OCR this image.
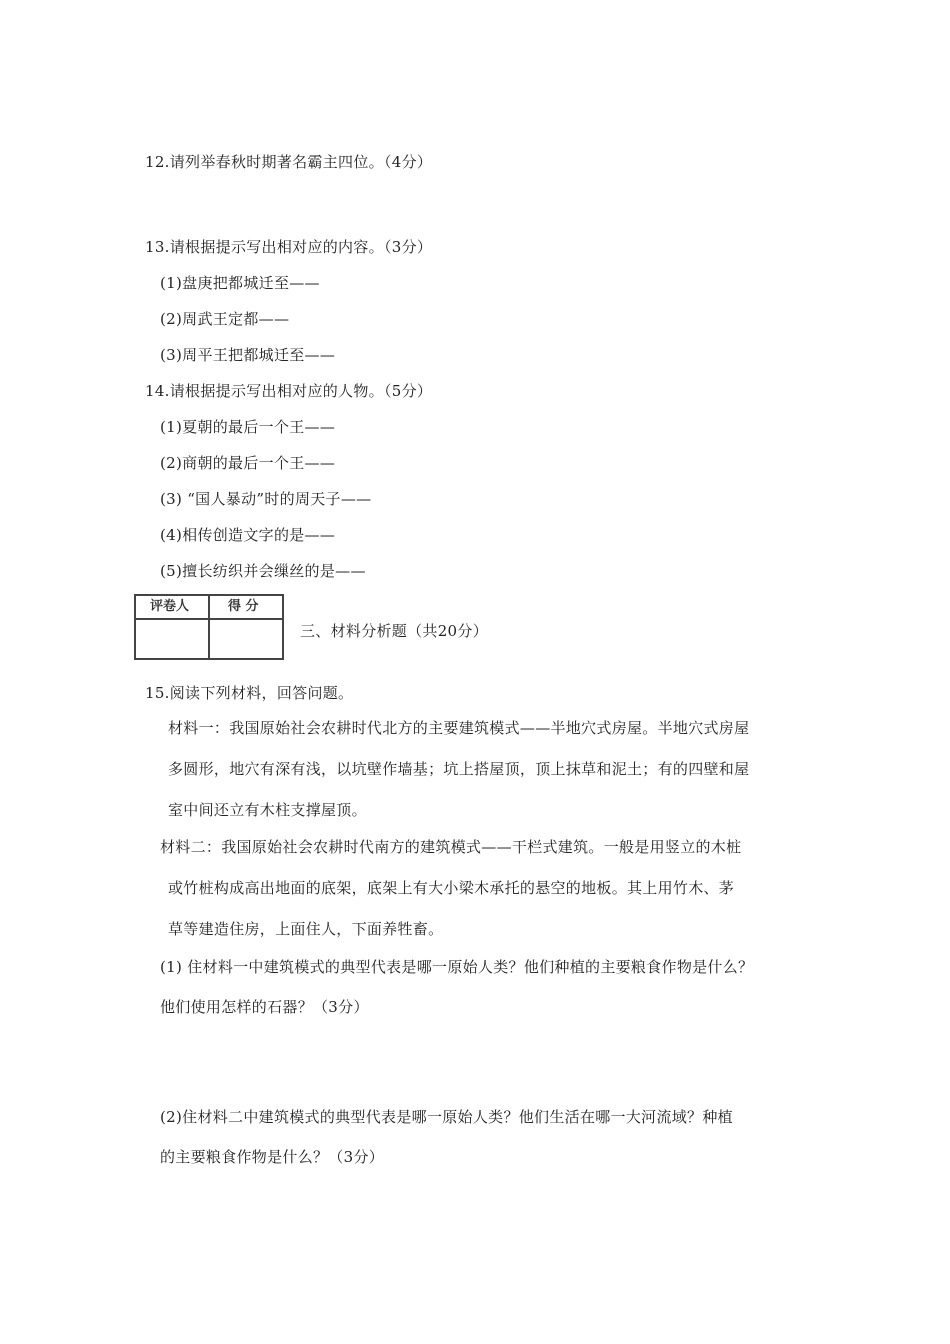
12.请列举春秋时期著名霸主四位。（4分）
13.请根据提示写出相对应的内容。（3分）
(1)盘庚把都城迁至——
(2)周武王定都——
(3)周平王把都城迁至——
14.请根据提示写出相对应的人物。（5分）
(1)夏朝的最后一个王——
(2)商朝的最后一个王——
(3) “国人暴动”时的周天子——
(4)相传创造文字的是——
(5)擅长纺织并会缫丝的是——
评卷人	得 分
三、材料分析题（共20分）
15.阅读下列材料，回答问题。
材料一：我国原始社会农耕时代北方的主要建筑模式——半地穴式房屋。半地穴式房屋
多圆形，地穴有深有浅，以坑壁作墙基；坑上搭屋顶，顶上抹草和泥土；有的四壁和屋
室中间还立有木柱支撑屋顶。
材料二：我国原始社会农耕时代南方的建筑模式——干栏式建筑。一般是用竖立的木桩
或竹桩构成高出地面的底架，底架上有大小梁木承托的悬空的地板。其上用竹木、茅
草等建造住房，上面住人，下面养牲畜。
(1) 住材料一中建筑模式的典型代表是哪一原始人类？他们种植的主要粮食作物是什么？
他们使用怎样的石器？（3分）
(2)住材料二中建筑模式的典型代表是哪一原始人类？他们生活在哪一大河流域？种植
的主要粮食作物是什么？（3分）
